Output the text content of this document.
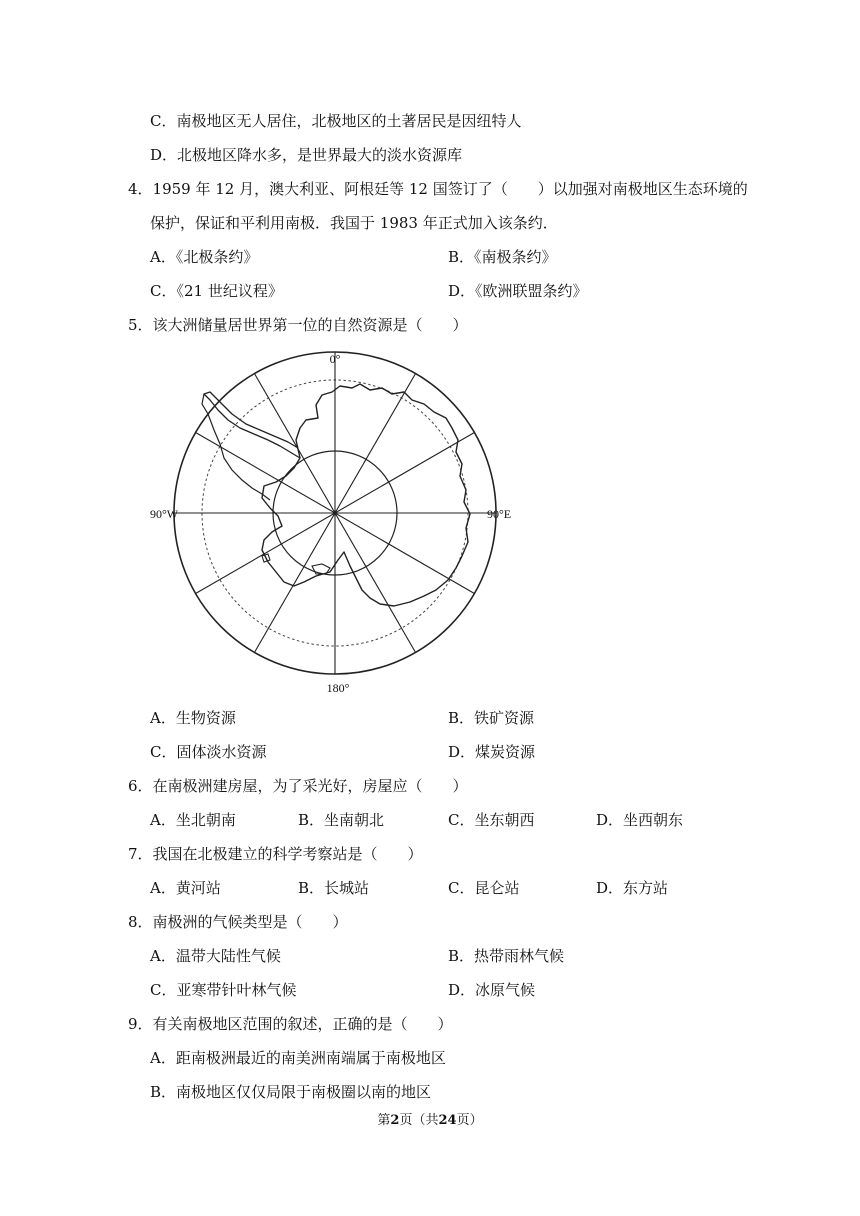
C．南极地区无人居住，北极地区的土著居民是因纽特人
D．北极地区降水多，是世界最大的淡水资源库
4．1959 年 12 月，澳大利亚、阿根廷等 12 国签订了（　　）以加强对南极地区生态环境的
保护，保证和平利用南极．我国于 1983 年正式加入该条约．
A．《北极条约》	B．《南极条约》
C．《21 世纪议程》	D．《欧洲联盟条约》
5．该大洲储量居世界第一位的自然资源是（　　）
0°
180°
90°W	90°E
A．生物资源	B．铁矿资源
C．固体淡水资源	D．煤炭资源
6．在南极洲建房屋，为了采光好，房屋应（　　）
A．坐北朝南	B．坐南朝北	C．坐东朝西	D．坐西朝东
7．我国在北极建立的科学考察站是（　　）
A．黄河站	B．长城站	C．昆仑站	D．东方站
8．南极洲的气候类型是（　　）
A．温带大陆性气候	B．热带雨林气候
C．亚寒带针叶林气候	D．冰原气候
9．有关南极地区范围的叙述，正确的是（　　）
A．距南极洲最近的南美洲南端属于南极地区
B．南极地区仅仅局限于南极圈以南的地区
第2页（共24页）
